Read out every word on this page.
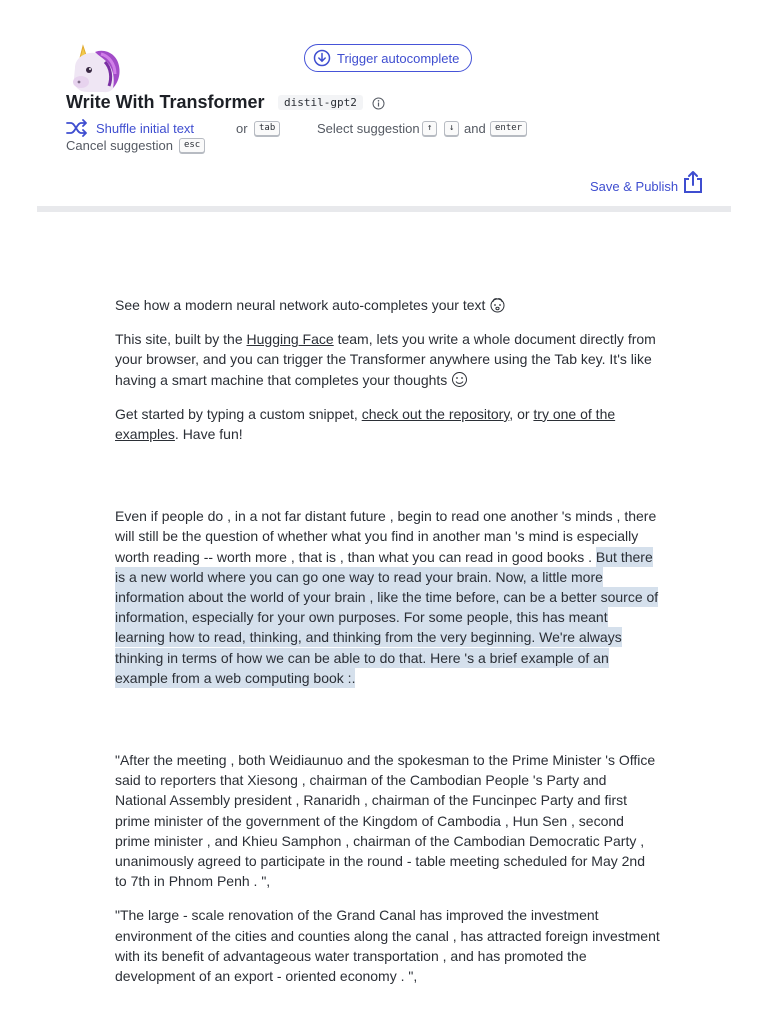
Trigger autocomplete
Write With Transformer	distil-gpt2
Shuffle initial text	or	tab	Select suggestion ↑	↓ and	enter
Cancel suggestion	esc
Save & Publish

See how a modern neural network auto-completes your text

This site, built by the Hugging Face team, lets you write a whole document directly from your browser, and you can trigger the Transformer anywhere using the Tab key. It's like having a smart machine that completes your thoughts

Get started by typing a custom snippet, check out the repository, or try one of the examples. Have fun!

Even if people do , in a not far distant future , begin to read one another 's minds , there will still be the question of whether what you find in another man 's mind is especially worth reading -- worth more , that is , than what you can read in good books . But there is a new world where you can go one way to read your brain. Now, a little more information about the world of your brain , like the time before, can be a better source of information, especially for your own purposes. For some people, this has meant learning how to read, thinking, and thinking from the very beginning. We're always thinking in terms of how we can be able to do that. Here 's a brief example of an example from a web computing book :.

"After the meeting , both Weidiaunuo and the spokesman to the Prime Minister 's Office said to reporters that Xiesong , chairman of the Cambodian People 's Party and National Assembly president , Ranaridh , chairman of the Funcinpec Party and first prime minister of the government of the Kingdom of Cambodia , Hun Sen , second prime minister , and Khieu Samphon , chairman of the Cambodian Democratic Party , unanimously agreed to participate in the round - table meeting scheduled for May 2nd to 7th in Phnom Penh . ",

"The large - scale renovation of the Grand Canal has improved the investment environment of the cities and counties along the canal , has attracted foreign investment with its benefit of advantageous water transportation , and has promoted the development of an export - oriented economy . ",
